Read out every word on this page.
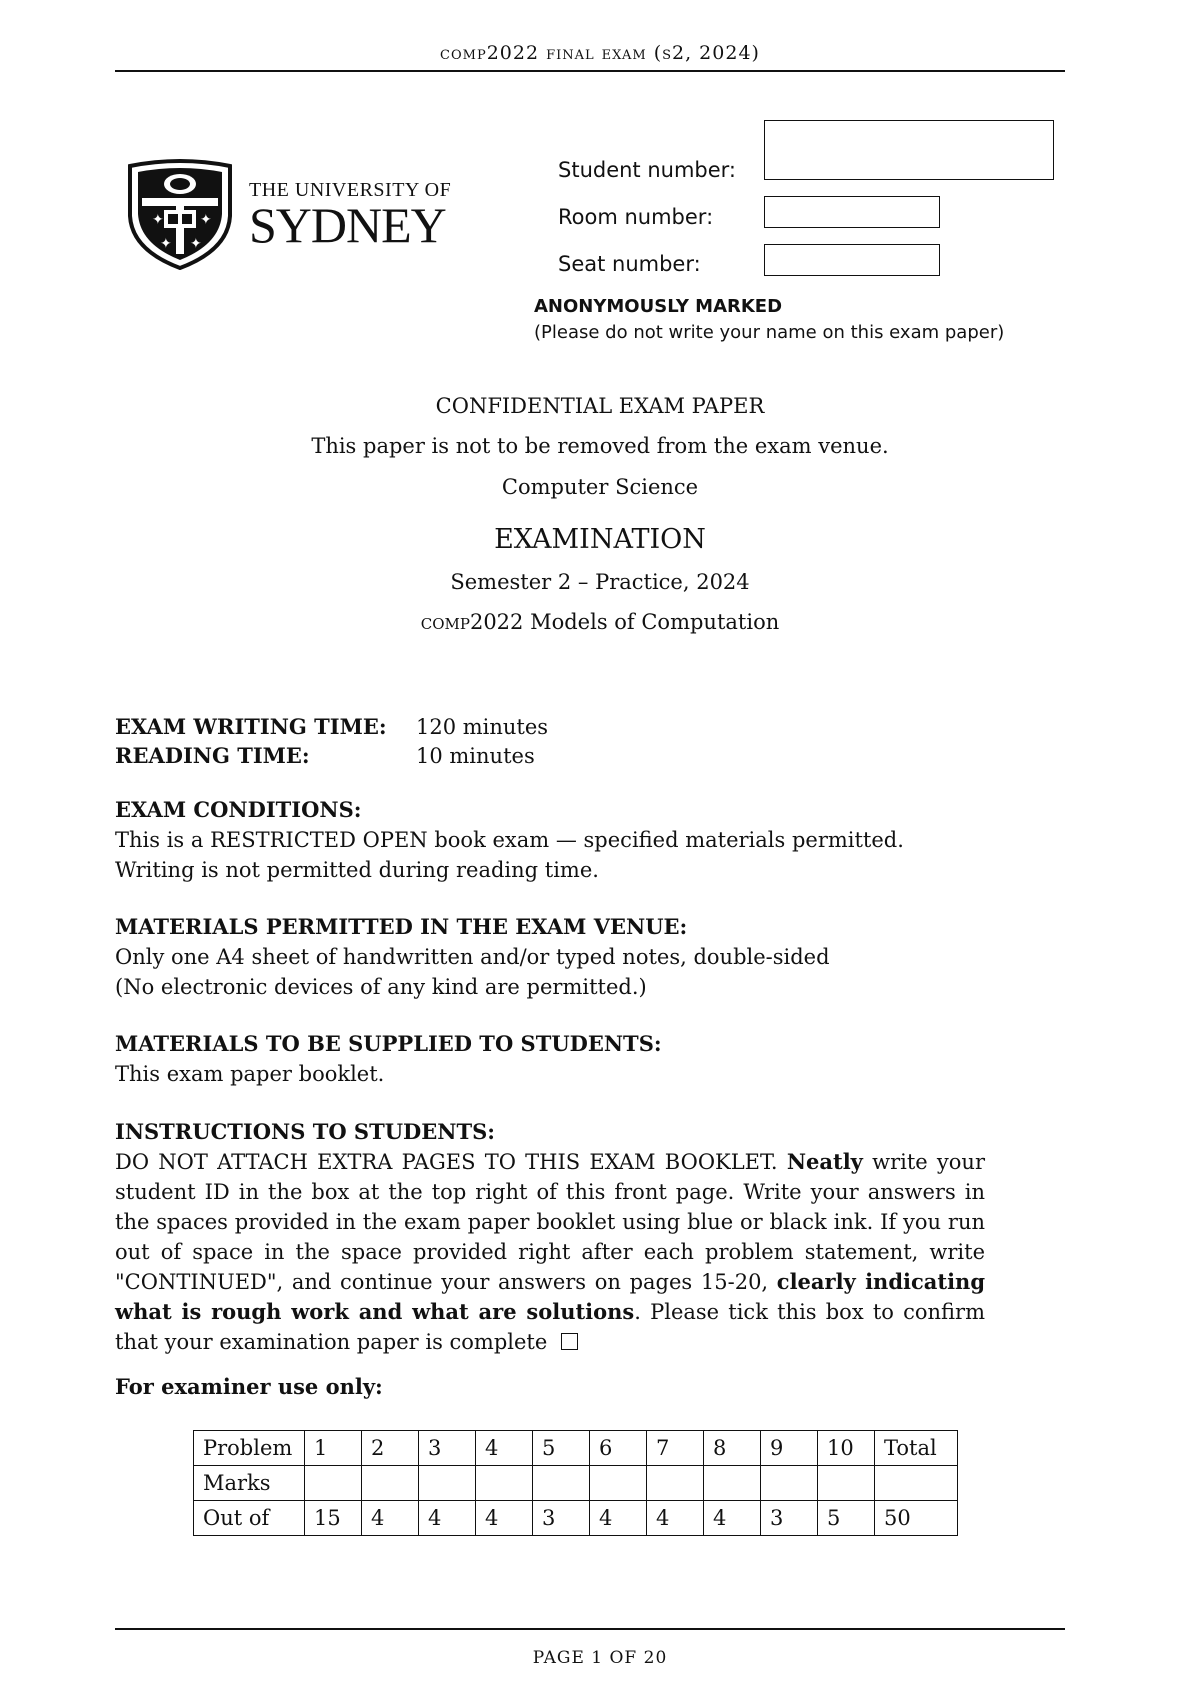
comp2022 final exam (s2, 2024)
✦	✦
✦ ✦
THE UNIVERSITY OF
SYDNEY
Student number:
Room number:
Seat number:
ANONYMOUSLY MARKED
(Please do not write your name on this exam paper)
CONFIDENTIAL EXAM PAPER
This paper is not to be removed from the exam venue.
Computer Science
EXAMINATION
Semester 2 – Practice, 2024
comp2022 Models of Computation
EXAM WRITING TIME: 120 minutes
READING TIME:	10 minutes
EXAM CONDITIONS:
This is a RESTRICTED OPEN book exam — specified materials permitted.
Writing is not permitted during reading time.
MATERIALS PERMITTED IN THE EXAM VENUE:
Only one A4 sheet of handwritten and/or typed notes, double-sided
(No electronic devices of any kind are permitted.)
MATERIALS TO BE SUPPLIED TO STUDENTS:
This exam paper booklet.
INSTRUCTIONS TO STUDENTS:
DO NOT ATTACH EXTRA PAGES TO THIS EXAM BOOKLET. Neatly write your student ID in the box at the top right of this front page. Write your answers in the spaces provided in the exam paper booklet using blue or black ink. If you run out of space in the space provided right after each problem statement, write "CONTINUED", and continue your answers on pages 15-20, clearly indicating what is rough work and what are solutions. Please tick this box to confirm that your examination paper is complete
For examiner use only:
Problem	1	2	3	4	5	6	7	8	9	10	Total
Marks											
Out of	15	4	4	4	3	4	4	4	3	5	50
PAGE 1 OF 20
